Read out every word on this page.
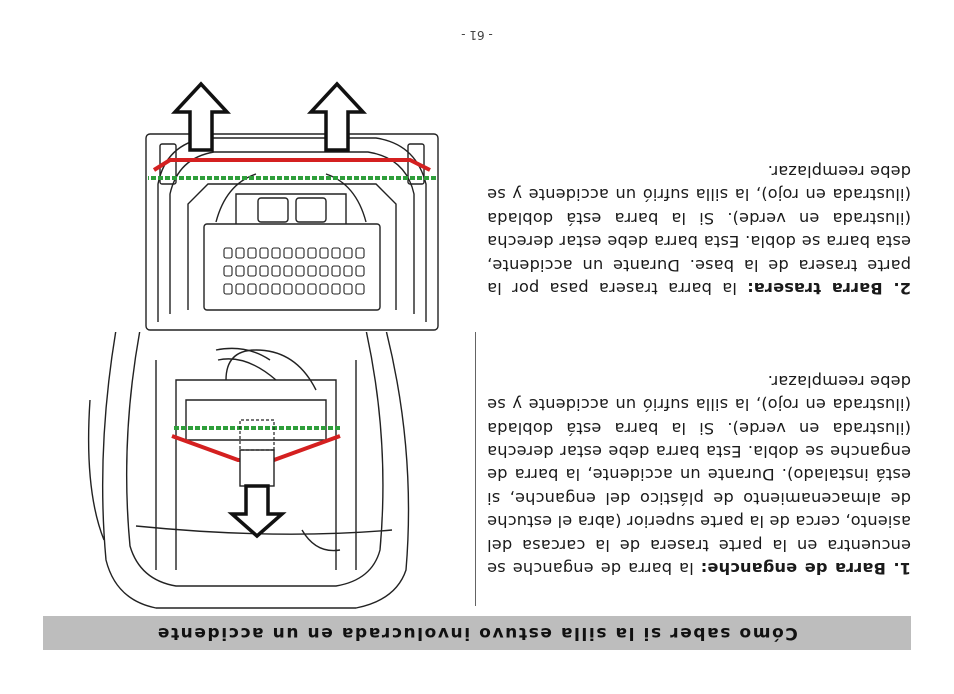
Cómo saber si la silla estuvo involucrada en un accidente

1. Barra de enganche: la barra de enganche se encuentra en la parte trasera de la carcasa del asiento, cerca de la parte superior (abra el estuche de almacenamiento de plástico del enganche, si está instalado). Durante un accidente, la barra de enganche se dobla. Esta barra debe estar derecha (ilustrada en verde). Si la barra está doblada (ilustrada en rojo), la silla sufrió un accidente y se debe reemplazar.

2. Barra trasera: la barra trasera pasa por la parte trasera de la base. Durante un accidente, esta barra se dobla. Esta barra debe estar derecha (ilustrada en verde). Si la barra está doblada (ilustrada en rojo), la silla sufrió un accidente y se debe reemplazar.

- 61 -
